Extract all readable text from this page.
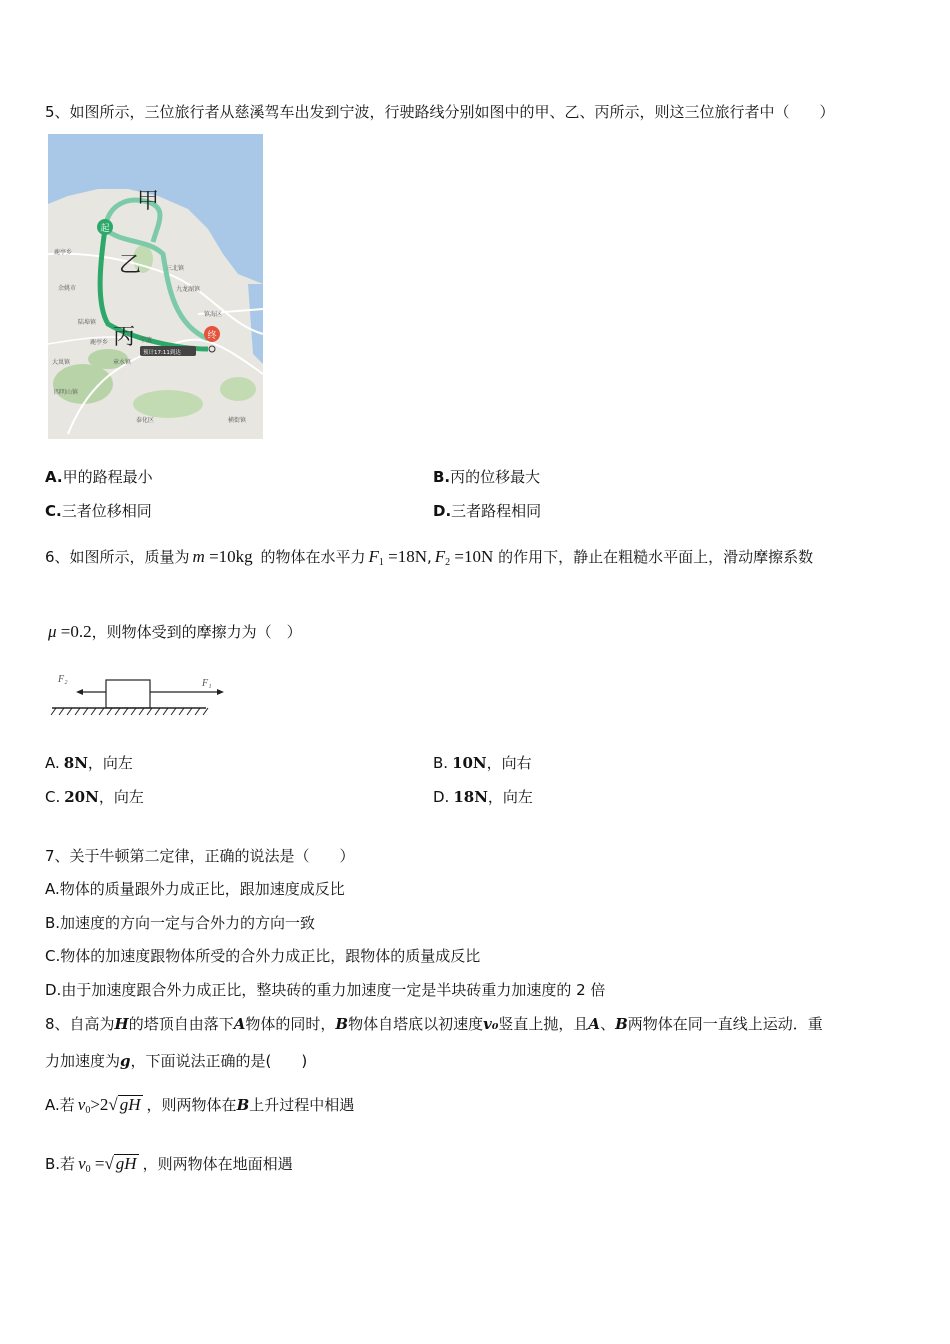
5、如图所示，三位旅行者从慈溪驾车出发到宁波，行驶路线分别如图中的甲、乙、丙所示，则这三位旅行者中（　　）
起
终
甲
乙
丙
鹿亭乡
余姚市
镇海区
三北镇
九龙湖镇
陆埠镇
鹿亭乡
大岚镇
四明山镇
章水镇
泰化区	横街镇
宁波
预计17:11到达
A.甲的路程最小	B.丙的位移最大
C.三者位移相同	D.三者路程相同
6、如图所示，质量为 m =10kg 的物体在水平力 $F_1 =18N$, $F_2 =10N$ 的作用下，静止在粗糙水平面上，滑动摩擦系数
μ =0.2，则物体受到的摩擦力为（　）
F₂	F₁
A. 8N，向左	B. 10N，向右
C. 20N，向左	D. 18N，向左
7、关于牛顿第二定律，正确的说法是（　　）
A.物体的质量跟外力成正比，跟加速度成反比
B.加速度的方向一定与合外力的方向一致
C.物体的加速度跟物体所受的合外力成正比，跟物体的质量成反比
D.由于加速度跟合外力成正比，整块砖的重力加速度一定是半块砖重力加速度的 2 倍
8、自高为H的塔顶自由落下A物体的同时，B物体自塔底以初速度v₀竖直上抛，且A、B两物体在同一直线上运动．重
力加速度为g，下面说法正确的是(　　)
A.若 $v_0>2√$ gH ，则两物体在B上升过程中相遇
B.若 $v_0$ =√ gH ，则两物体在地面相遇
